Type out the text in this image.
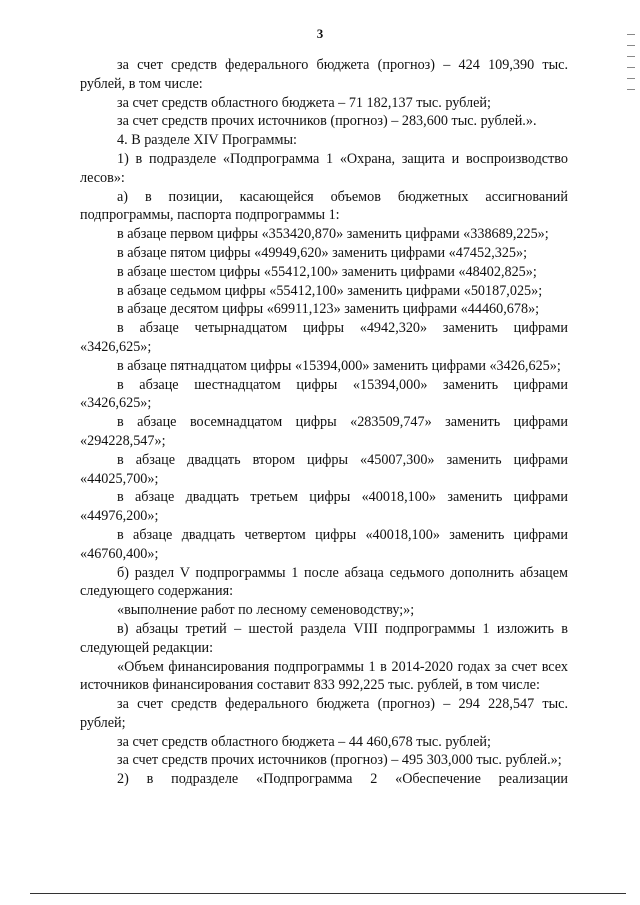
3

за счет средств федерального бюджета (прогноз) – 424 109,390 тыс. рублей, в том числе:

за счет средств областного бюджета – 71 182,137 тыс. рублей;

за счет средств прочих источников (прогноз) – 283,600 тыс. рублей.».

4. В разделе XIV Программы:

1) в подразделе «Подпрограмма 1 «Охрана, защита и воспроизводство лесов»:

а) в позиции, касающейся объемов бюджетных ассигнований подпрограммы, паспорта подпрограммы 1:

в абзаце первом цифры «353420,870» заменить цифрами «338689,225»;

в абзаце пятом цифры «49949,620» заменить цифрами «47452,325»;

в абзаце шестом цифры «55412,100» заменить цифрами «48402,825»;

в абзаце седьмом цифры «55412,100» заменить цифрами «50187,025»;

в абзаце десятом цифры «69911,123» заменить цифрами «44460,678»;

в абзаце четырнадцатом цифры «4942,320» заменить цифрами «3426,625»;

в абзаце пятнадцатом цифры «15394,000» заменить цифрами «3426,625»;

в абзаце шестнадцатом цифры «15394,000» заменить цифрами «3426,625»;

в абзаце восемнадцатом цифры «283509,747» заменить цифрами «294228,547»;

в абзаце двадцать втором цифры «45007,300» заменить цифрами «44025,700»;

в абзаце двадцать третьем цифры «40018,100» заменить цифрами «44976,200»;

в абзаце двадцать четвертом цифры «40018,100» заменить цифрами «46760,400»;

б) раздел V подпрограммы 1 после абзаца седьмого дополнить абзацем следующего содержания:

«выполнение работ по лесному семеноводству;»;

в) абзацы третий – шестой раздела VIII подпрограммы 1 изложить в следующей редакции:

«Объем финансирования подпрограммы 1 в 2014-2020 годах за счет всех источников финансирования составит 833 992,225 тыс. рублей, в том числе:

за счет средств федерального бюджета (прогноз) – 294 228,547 тыс. рублей;

за счет средств областного бюджета – 44 460,678 тыс. рублей;

за счет средств прочих источников (прогноз) – 495 303,000 тыс. рублей.»;

2) в подразделе «Подпрограмма 2 «Обеспечение реализации
